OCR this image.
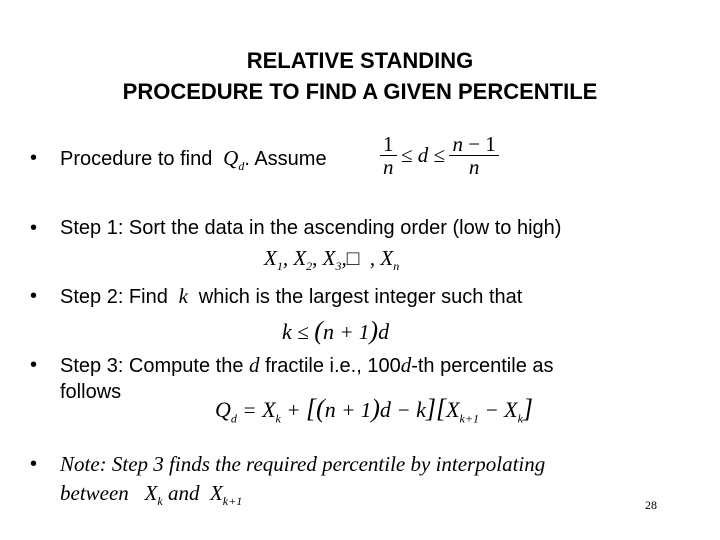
RELATIVE STANDING
PROCEDURE TO FIND A GIVEN PERCENTILE
• Procedure to find  $Q_d$. Assume	$\frac{1}{n} \le d \le \frac{n - 1}{n}$
• Step 1: Sort the data in the ascending order (low to high)
$X_1$, $X_2$, $X_3,□$  , $X_n$
• Step 2: Find  k  which is the largest integer such that
k ≤ (n + 1)d
• Step 3: Compute the d fractile i.e., 100d-th percentile as
follows
$Q_d = X_k + [(n + 1)d - k][X_{k+1} - X_k]$
• Note: Step 3 finds the required percentile by interpolating
between $X_k$ and $X_{k+1}$	28
